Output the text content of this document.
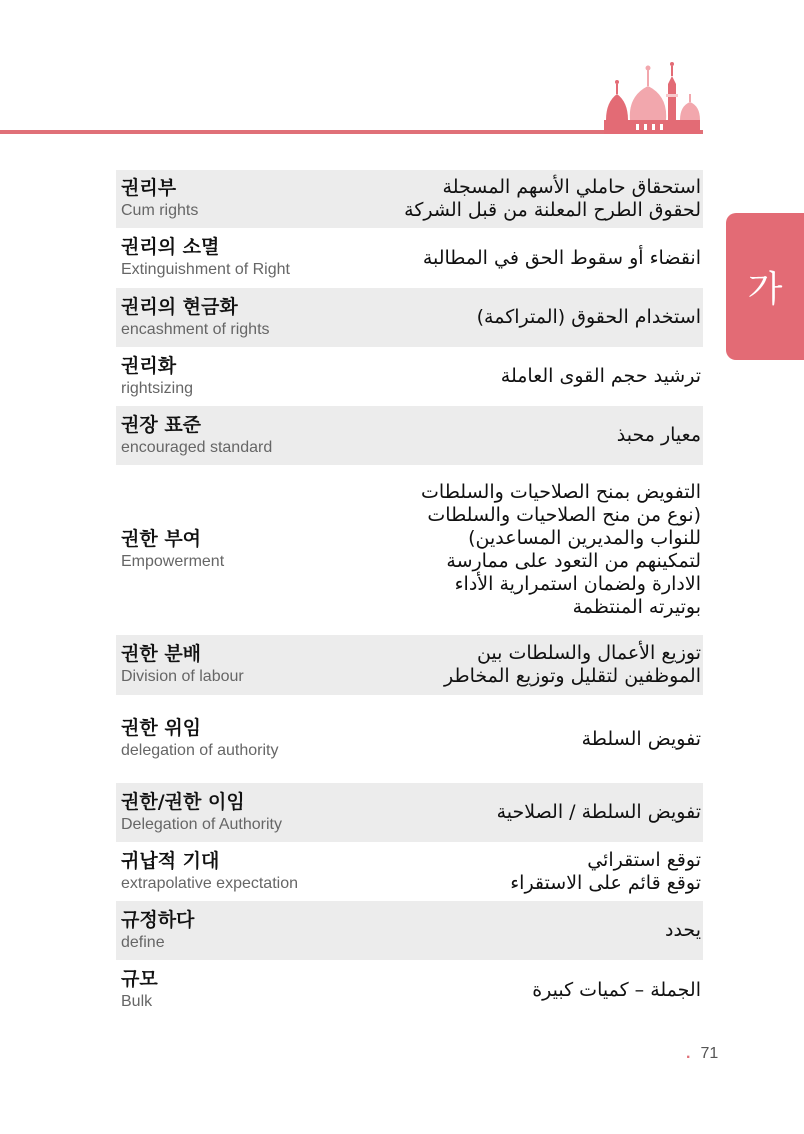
가
권리부
Cum rights
استحقاق حاملي الأسهم المسجلة
لحقوق الطرح المعلنة من قبل الشركة
권리의 소멸
Extinguishment of Right
انقضاء أو سقوط الحق في المطالبة
권리의 현금화
encashment of rights
استخدام الحقوق (المتراكمة)
권리화
rightsizing
ترشيد حجم القوى العاملة
권장 표준
encouraged standard
معيار محبذ
권한 부여
Empowerment
التفويض بمنح الصلاحيات والسلطات
(نوع من منح الصلاحيات والسلطات
للنواب والمديرين المساعدين)
لتمكينهم من التعود على ممارسة
الادارة ولضمان استمرارية الأداء
بوتيرته المنتظمة
권한 분배
Division of labour
توزيع الأعمال والسلطات بين
الموظفين لتقليل وتوزيع المخاطر
권한 위임
delegation of authority
تفويض السلطة
권한/권한 이임
Delegation of Authority
تفويض السلطة / الصلاحية
귀납적 기대
extrapolative expectation
توقع استقرائي
توقع قائم على الاستقراء
규정하다
define
يحدد
규모
Bulk
الجملة – كميات كبيرة
. 71
